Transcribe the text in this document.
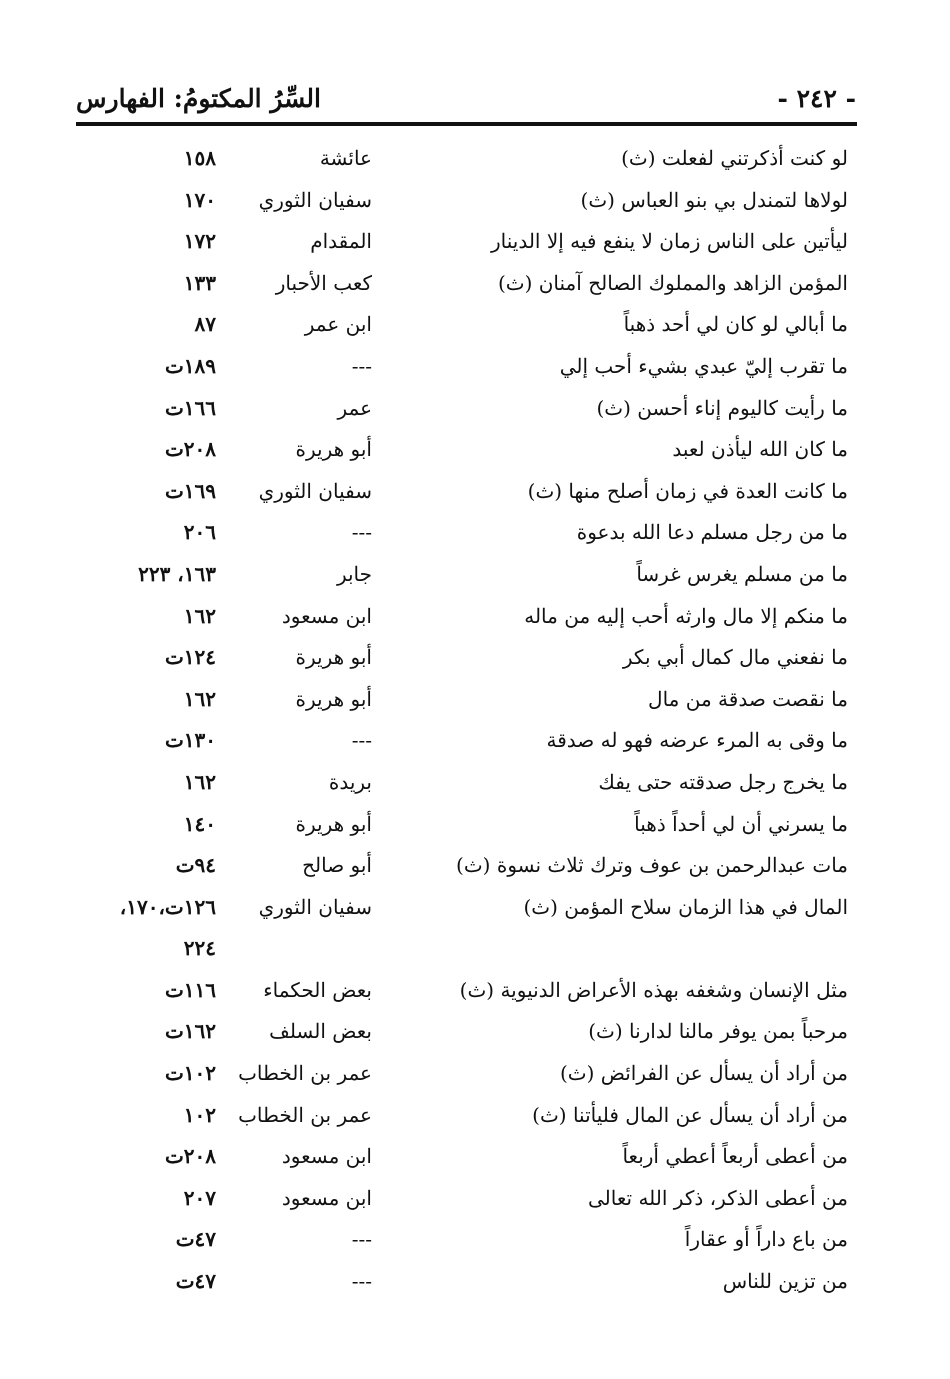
- ٢٤٢ -
السِّرُ المكتومُ: الفهارس
لو كنت أذكرتني لفعلت (ث)
عائشة
١٥٨
لولاها لتمندل بي بنو العباس (ث)
سفيان الثوري
١٧٠
ليأتين على الناس زمان لا ينفع فيه إلا الدينار
المقدام
١٧٢
المؤمن الزاهد والمملوك الصالح آمنان (ث)
كعب الأحبار
١٣٣
ما أبالي لو كان لي أحد ذهباً
ابن عمر
٨٧
ما تقرب إليّ عبدي بشيء أحب إلي
---
١٨٩ت
ما رأيت كاليوم إناء أحسن (ث)
عمر
١٦٦ت
ما كان الله ليأذن لعبد
أبو هريرة
٢٠٨ت
ما كانت العدة في زمان أصلح منها (ث)
سفيان الثوري
١٦٩ت
ما من رجل مسلم دعا الله بدعوة
---
٢٠٦
ما من مسلم يغرس غرساً
جابر
١٦٣، ٢٢٣
ما منكم إلا مال وارثه أحب إليه من ماله
ابن مسعود
١٦٢
ما نفعني مال كمال أبي بكر
أبو هريرة
١٢٤ت
ما نقصت صدقة من مال
أبو هريرة
١٦٢
ما وقى به المرء عرضه فهو له صدقة
---
١٣٠ت
ما يخرج رجل صدقته حتى يفك
بريدة
١٦٢
ما يسرني أن لي أحداً ذهباً
أبو هريرة
١٤٠
مات عبدالرحمن بن عوف وترك ثلاث نسوة (ث)
أبو صالح
٩٤ت
المال في هذا الزمان سلاح المؤمن (ث)
سفيان الثوري
١٢٦ت،١٧٠،
٢٢٤
مثل الإنسان وشغفه بهذه الأعراض الدنيوية (ث)
بعض الحكماء
١١٦ت
مرحباً بمن يوفر مالنا لدارنا (ث)
بعض السلف
١٦٢ت
من أراد أن يسأل عن الفرائض (ث)
عمر بن الخطاب
١٠٢ت
من أراد أن يسأل عن المال فليأتنا (ث)
عمر بن الخطاب
١٠٢
من أعطى أربعاً أعطي أربعاً
ابن مسعود
٢٠٨ت
من أعطى الذكر، ذكر الله تعالى
ابن مسعود
٢٠٧
من باع داراً أو عقاراً
---
٤٧ت
من تزين للناس
---
٤٧ت
